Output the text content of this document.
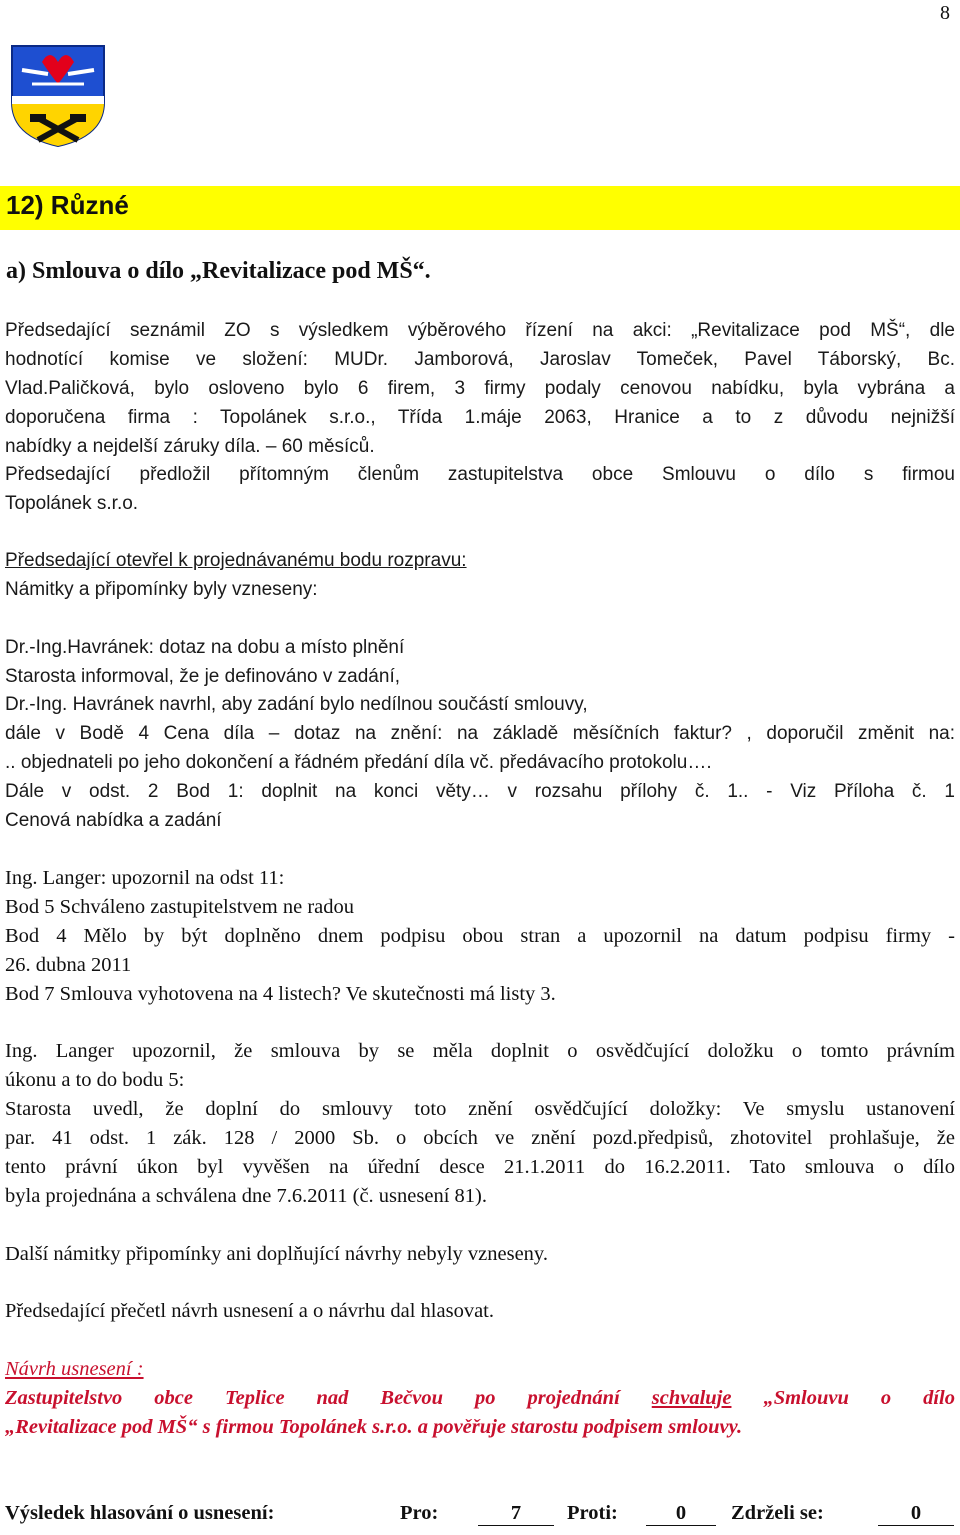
8
12) Různé
a) Smlouva o dílo „Revitalizace pod MŠ“.
Předsedající seznámil ZO s výsledkem výběrového řízení na akci: „Revitalizace pod MŠ“, dle
hodnotící komise ve složení: MUDr. Jamborová, Jaroslav Tomeček, Pavel Táborský, Bc.
Vlad.Paličková, bylo osloveno bylo 6 firem, 3 firmy podaly cenovou nabídku, byla vybrána a
doporučena firma : Topolánek s.r.o., Třída 1.máje 2063, Hranice a to z důvodu nejnižší
nabídky a nejdelší záruky díla. – 60 měsíců.
Předsedající předložil přítomným členům zastupitelstva obce Smlouvu o dílo s firmou
Topolánek s.r.o.
Předsedající otevřel k projednávanému bodu rozpravu:
Námitky a připomínky byly vzneseny:
Dr.-Ing.Havránek: dotaz na dobu a místo plnění
Starosta informoval, že je definováno v zadání,
Dr.-Ing. Havránek navrhl, aby zadání bylo nedílnou součástí smlouvy,
dále v Bodě 4 Cena díla – dotaz na znění: na základě měsíčních faktur? , doporučil změnit na:
.. objednateli po jeho dokončení a řádném předání díla vč. předávacího protokolu….
Dále v odst. 2 Bod 1: doplnit na konci věty… v rozsahu přílohy č. 1.. - Viz Příloha č. 1
Cenová nabídka a zadání
Ing. Langer: upozornil na odst 11:
Bod 5 Schváleno zastupitelstvem ne radou
Bod 4 Mělo by být doplněno dnem podpisu obou stran a upozornil na datum podpisu firmy -
26. dubna 2011
Bod 7 Smlouva vyhotovena na 4 listech? Ve skutečnosti má listy 3.
Ing. Langer upozornil, že smlouva by se měla doplnit o osvědčující doložku o tomto právním
úkonu a to do bodu 5:
Starosta uvedl, že doplní do smlouvy toto znění osvědčující doložky: Ve smyslu ustanovení
par. 41 odst. 1 zák. 128 / 2000 Sb. o obcích ve znění pozd.předpisů, zhotovitel prohlašuje, že
tento právní úkon byl vyvěšen na úřední desce 21.1.2011 do 16.2.2011. Tato smlouva o dílo
byla projednána a schválena dne 7.6.2011 (č. usnesení 81).
Další námitky připomínky ani doplňující návrhy nebyly vzneseny.
Předsedající přečetl návrh usnesení a o návrhu dal hlasovat.
Návrh usnesení :
Zastupitelstvo obce Teplice nad Bečvou po projednání schvaluje „Smlouvu o dílo
„Revitalizace pod MŠ“ s firmou Topolánek s.r.o. a pověřuje starostu podpisem smlouvy.
Výsledek hlasování o usnesení:	Pro:	7	Proti:	0	Zdrželi se:	0
